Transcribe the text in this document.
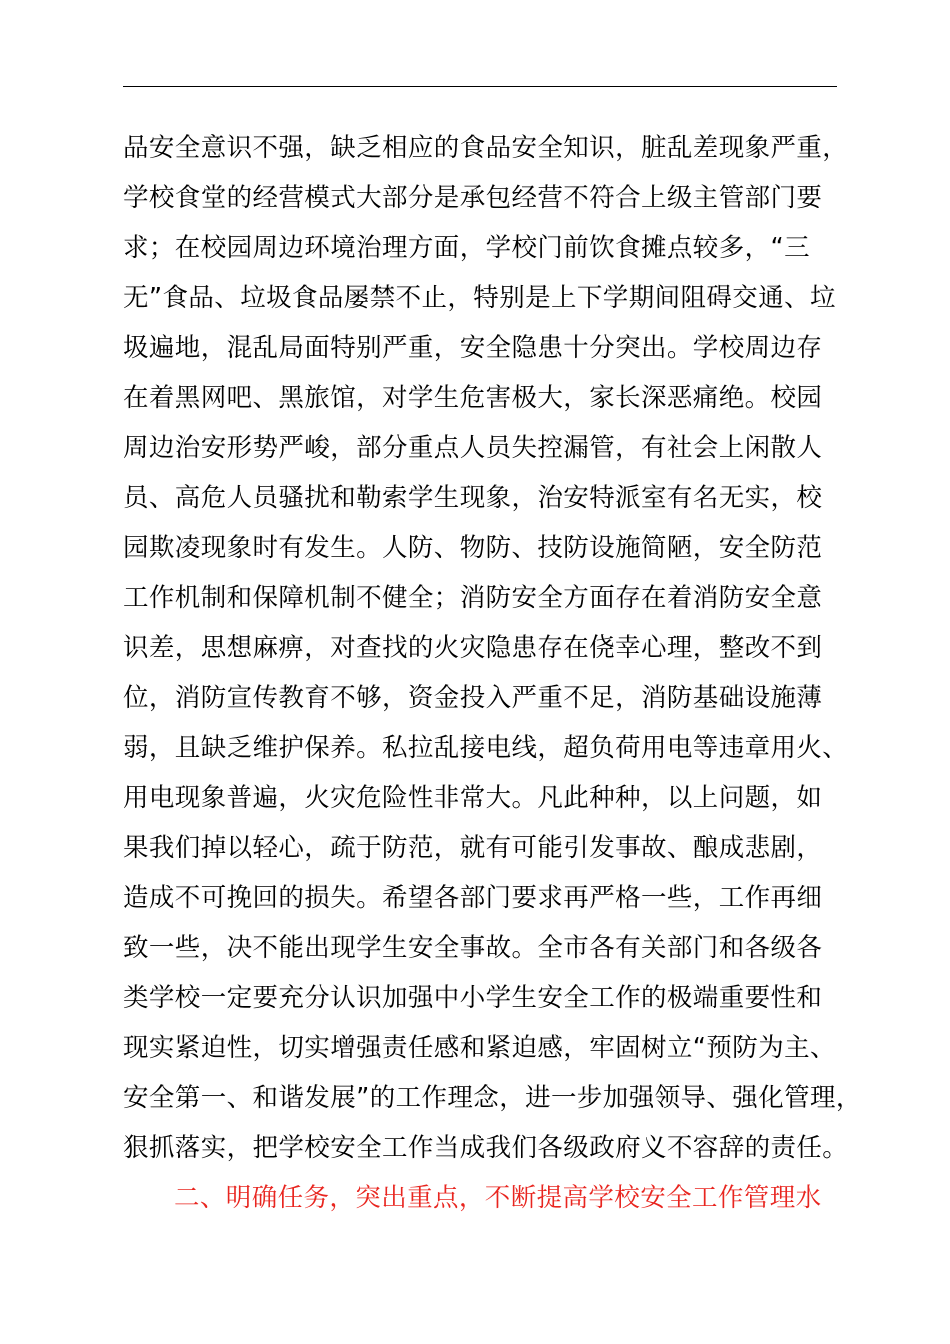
品安全意识不强，缺乏相应的食品安全知识，脏乱差现象严重，
学校食堂的经营模式大部分是承包经营不符合上级主管部门要
求；在校园周边环境治理方面，学校门前饮食摊点较多，“三
无”食品、垃圾食品屡禁不止，特别是上下学期间阻碍交通、垃
圾遍地，混乱局面特别严重，安全隐患十分突出。学校周边存
在着黑网吧、黑旅馆，对学生危害极大，家长深恶痛绝。校园
周边治安形势严峻，部分重点人员失控漏管，有社会上闲散人
员、高危人员骚扰和勒索学生现象，治安特派室有名无实，校
园欺凌现象时有发生。人防、物防、技防设施简陋，安全防范
工作机制和保障机制不健全；消防安全方面存在着消防安全意
识差，思想麻痹，对查找的火灾隐患存在侥幸心理，整改不到
位，消防宣传教育不够，资金投入严重不足，消防基础设施薄
弱，且缺乏维护保养。私拉乱接电线，超负荷用电等违章用火、
用电现象普遍，火灾危险性非常大。凡此种种，以上问题，如
果我们掉以轻心，疏于防范，就有可能引发事故、酿成悲剧，
造成不可挽回的损失。希望各部门要求再严格一些，工作再细
致一些，决不能出现学生安全事故。全市各有关部门和各级各
类学校一定要充分认识加强中小学生安全工作的极端重要性和
现实紧迫性，切实增强责任感和紧迫感，牢固树立“预防为主、
安全第一、和谐发展”的工作理念，进一步加强领导、强化管理，
狠抓落实，把学校安全工作当成我们各级政府义不容辞的责任。
二、明确任务，突出重点，不断提高学校安全工作管理水
